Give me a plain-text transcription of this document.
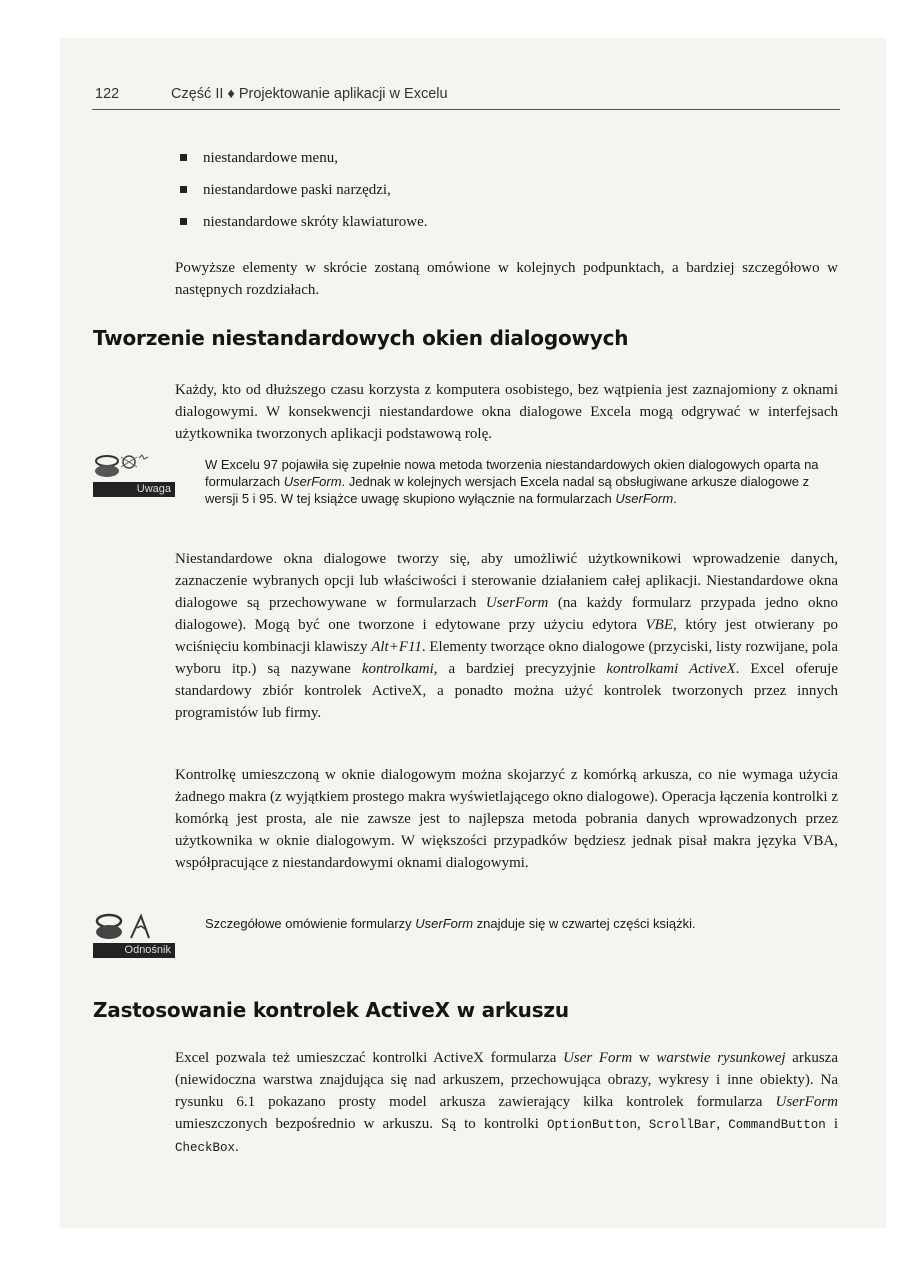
122	Część II ♦ Projektowanie aplikacji w Excelu
niestandardowe menu,
niestandardowe paski narzędzi,
niestandardowe skróty klawiaturowe.

Powyższe elementy w skrócie zostaną omówione w kolejnych podpunktach, a bardziej szczegółowo w następnych rozdziałach.

Tworzenie niestandardowych okien dialogowych

Każdy, kto od dłuższego czasu korzysta z komputera osobistego, bez wątpienia jest zaznajomiony z oknami dialogowymi. W konsekwencji niestandardowe okna dialogowe Excela mogą odgrywać w interfejsach użytkownika tworzonych aplikacji podstawową rolę.

Uwaga

W Excelu 97 pojawiła się zupełnie nowa metoda tworzenia niestandardowych okien dialogowych oparta na formularzach UserForm. Jednak w kolejnych wersjach Excela nadal są obsługiwane arkusze dialogowe z wersji 5 i 95. W tej książce uwagę skupiono wyłącznie na formularzach UserForm.

Niestandardowe okna dialogowe tworzy się, aby umożliwić użytkownikowi wprowadzenie danych, zaznaczenie wybranych opcji lub właściwości i sterowanie działaniem całej aplikacji. Niestandardowe okna dialogowe są przechowywane w formularzach UserForm (na każdy formularz przypada jedno okno dialogowe). Mogą być one tworzone i edytowane przy użyciu edytora VBE, który jest otwierany po wciśnięciu kombinacji klawiszy Alt+F11. Elementy tworzące okno dialogowe (przyciski, listy rozwijane, pola wyboru itp.) są nazywane kontrolkami, a bardziej precyzyjnie kontrolkami ActiveX. Excel oferuje standardowy zbiór kontrolek ActiveX, a ponadto można użyć kontrolek tworzonych przez innych programistów lub firmy.

Kontrolkę umieszczoną w oknie dialogowym można skojarzyć z komórką arkusza, co nie wymaga użycia żadnego makra (z wyjątkiem prostego makra wyświetlającego okno dialogowe). Operacja łączenia kontrolki z komórką jest prosta, ale nie zawsze jest to najlepsza metoda pobrania danych wprowadzonych przez użytkownika w oknie dialogowym. W większości przypadków będziesz jednak pisał makra języka VBA, współpracujące z niestandardowymi oknami dialogowymi.

Odnośnik

Szczegółowe omówienie formularzy UserForm znajduje się w czwartej części książki.

Zastosowanie kontrolek ActiveX w arkuszu

Excel pozwala też umieszczać kontrolki ActiveX formularza User Form w warstwie rysunkowej arkusza (niewidoczna warstwa znajdująca się nad arkuszem, przechowująca obrazy, wykresy i inne obiekty). Na rysunku 6.1 pokazano prosty model arkusza zawierający kilka kontrolek formularza UserForm umieszczonych bezpośrednio w arkuszu. Są to kontrolki OptionButton, ScrollBar, CommandButton i CheckBox.
